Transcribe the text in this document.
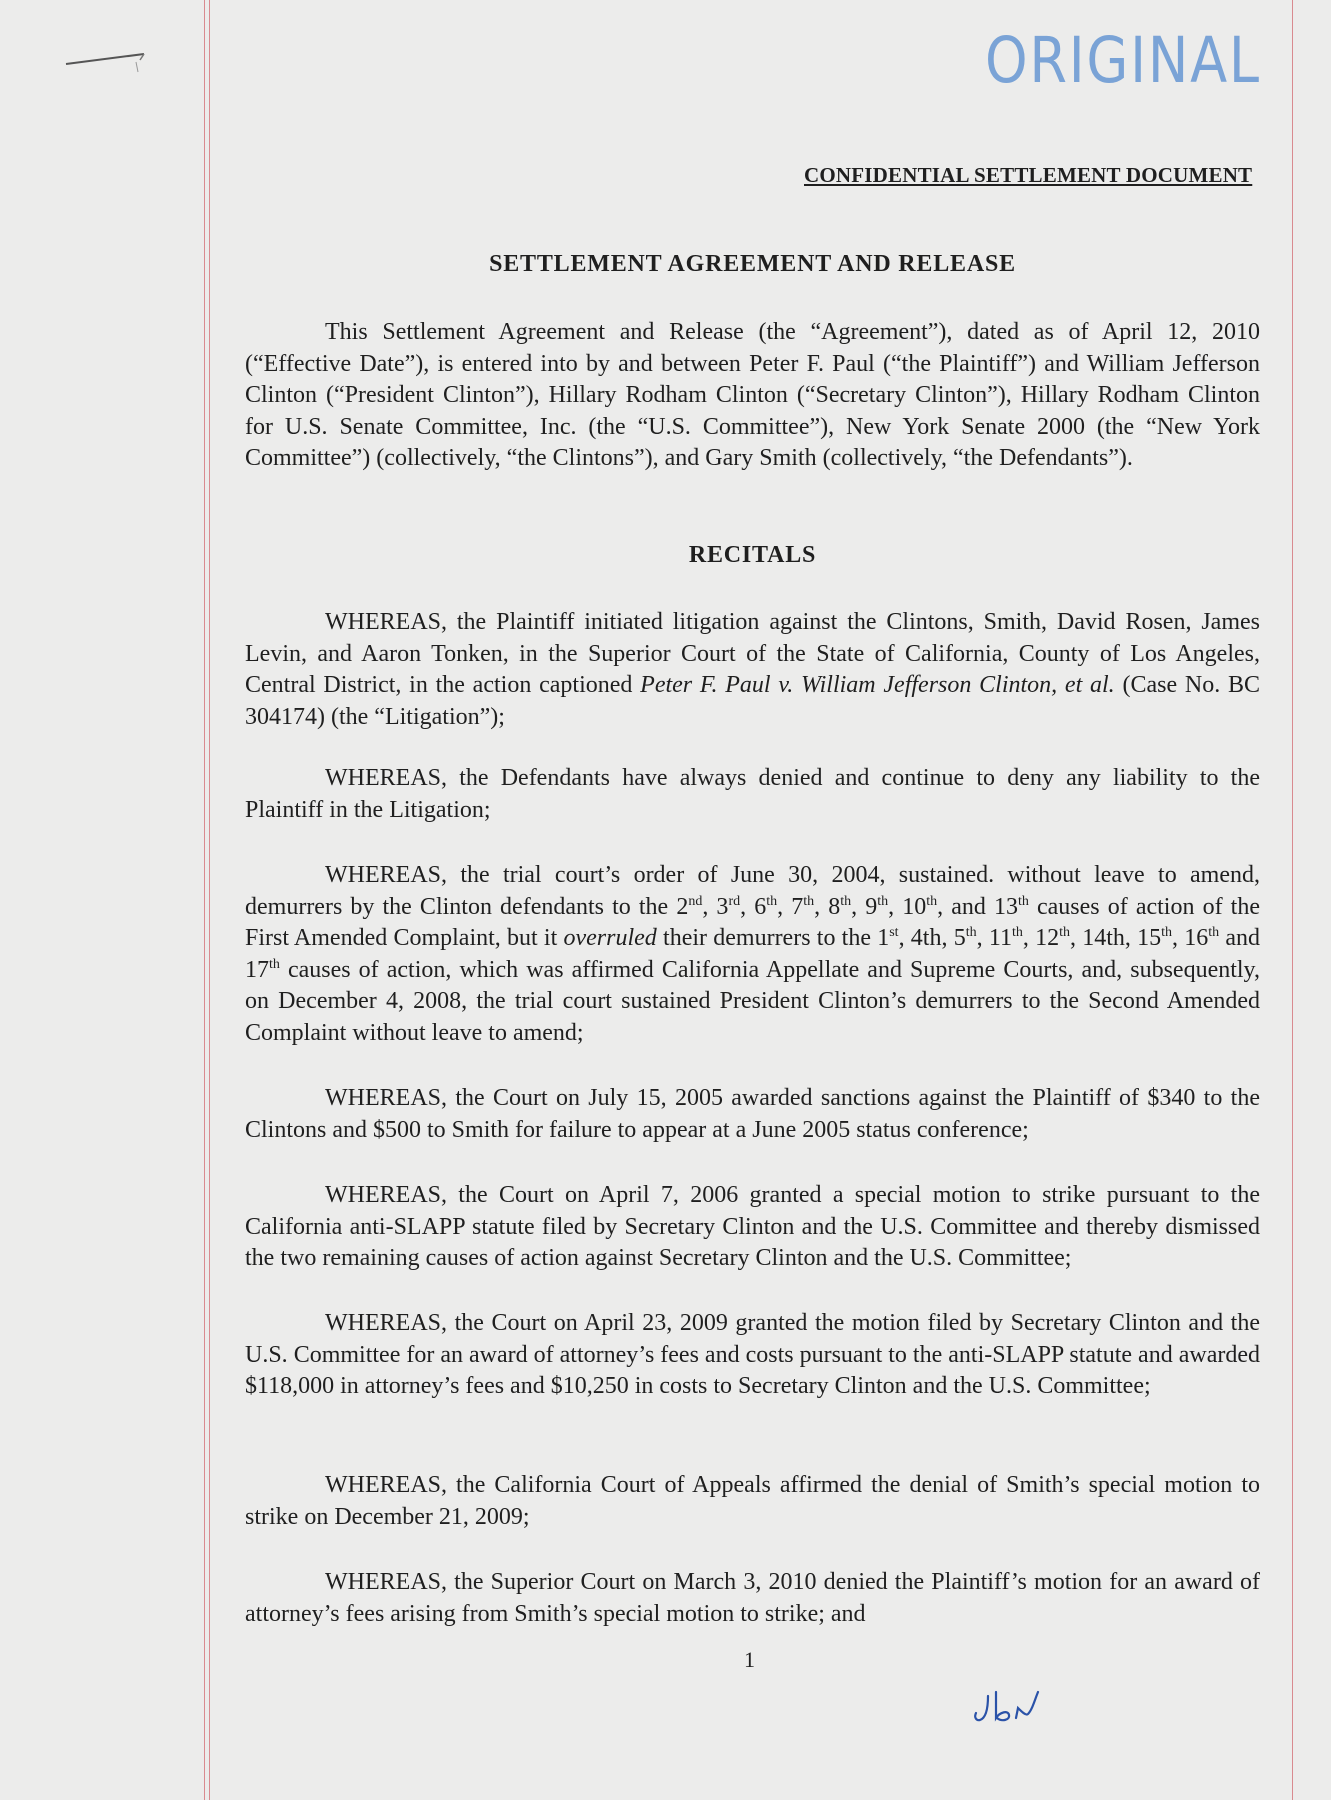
ORIGINAL
CONFIDENTIAL SETTLEMENT DOCUMENT
SETTLEMENT AGREEMENT AND RELEASE
This Settlement Agreement and Release (the “Agreement”), dated as of April 12, 2010 (“Effective Date”), is entered into by and between Peter F. Paul (“the Plaintiff”) and William Jefferson Clinton (“President Clinton”), Hillary Rodham Clinton (“Secretary Clinton”), Hillary Rodham Clinton for U.S. Senate Committee, Inc. (the “U.S. Committee”), New York Senate 2000 (the “New York Committee”) (collectively, “the Clintons”), and Gary Smith (collectively, “the Defendants”).
RECITALS
WHEREAS, the Plaintiff initiated litigation against the Clintons, Smith, David Rosen, James Levin, and Aaron Tonken, in the Superior Court of the State of California, County of Los Angeles, Central District, in the action captioned Peter F. Paul v. William Jefferson Clinton, et al. (Case No. BC 304174) (the “Litigation”);
WHEREAS, the Defendants have always denied and continue to deny any liability to the Plaintiff in the Litigation;
WHEREAS, the trial court’s order of June 30, 2004, sustained. without leave to amend, demurrers by the Clinton defendants to the 2nd, 3rd, 6th, 7th, 8th, 9th, 10th, and 13th causes of action of the First Amended Complaint, but it overruled their demurrers to the 1st, 4th, 5th, 11th, 12th, 14th, 15th, 16th and 17th causes of action, which was affirmed California Appellate and Supreme Courts, and, subsequently, on December 4, 2008, the trial court sustained President Clinton’s demurrers to the Second Amended Complaint without leave to amend;
WHEREAS, the Court on July 15, 2005 awarded sanctions against the Plaintiff of $340 to the Clintons and $500 to Smith for failure to appear at a June 2005 status conference;
WHEREAS, the Court on April 7, 2006 granted a special motion to strike pursuant to the California anti-SLAPP statute filed by Secretary Clinton and the U.S. Committee and thereby dismissed the two remaining causes of action against Secretary Clinton and the U.S. Committee;
WHEREAS, the Court on April 23, 2009 granted the motion filed by Secretary Clinton and the U.S. Committee for an award of attorney’s fees and costs pursuant to the anti-SLAPP statute and awarded $118,000 in attorney’s fees and $10,250 in costs to Secretary Clinton and the U.S. Committee;
WHEREAS, the California Court of Appeals affirmed the denial of Smith’s special motion to strike on December 21, 2009;
WHEREAS, the Superior Court on March 3, 2010 denied the Plaintiff’s motion for an award of attorney’s fees arising from Smith’s special motion to strike; and
1
